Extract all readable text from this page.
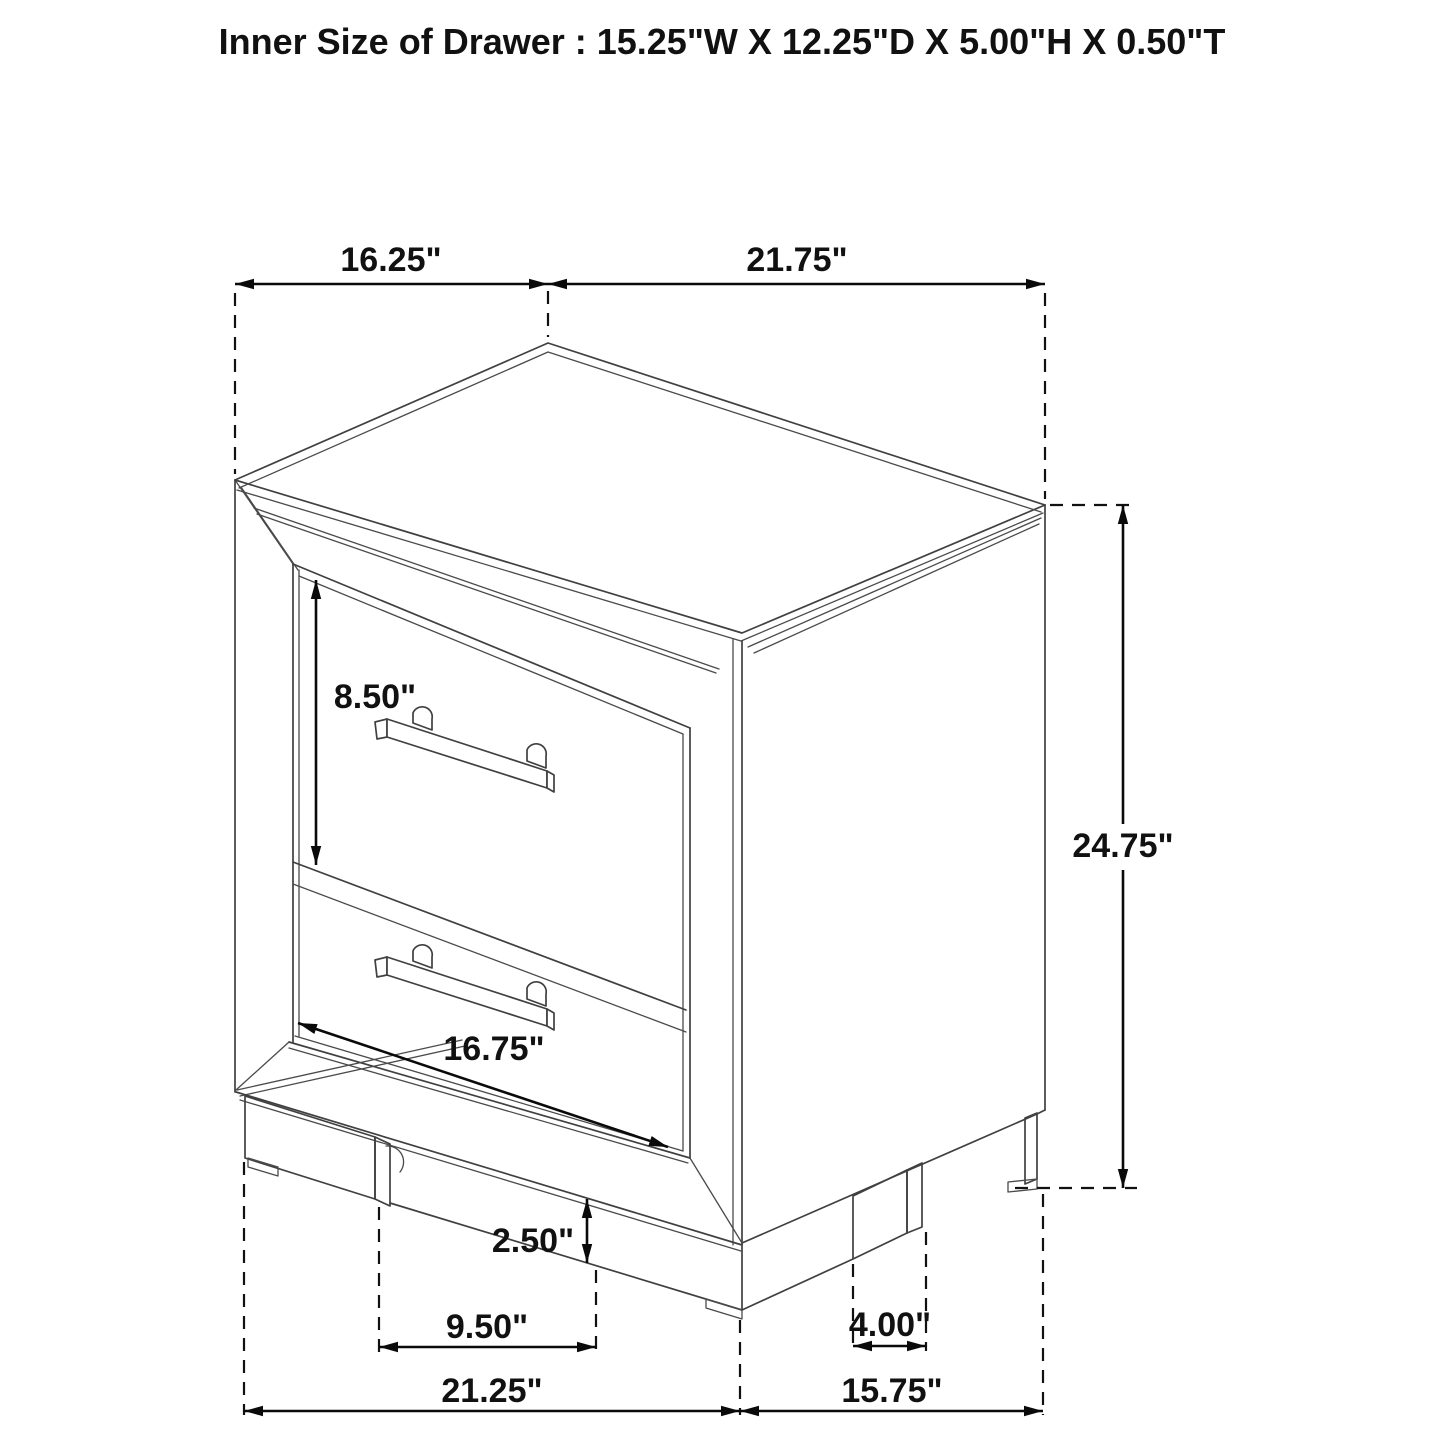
Inner Size of Drawer : 15.25"W X 12.25"D X 5.00"H X 0.50"T
16.25"	21.75"
8.50"
24.75"
16.75"
2.50"
9.50"	4.00"
21.25"	15.75"
